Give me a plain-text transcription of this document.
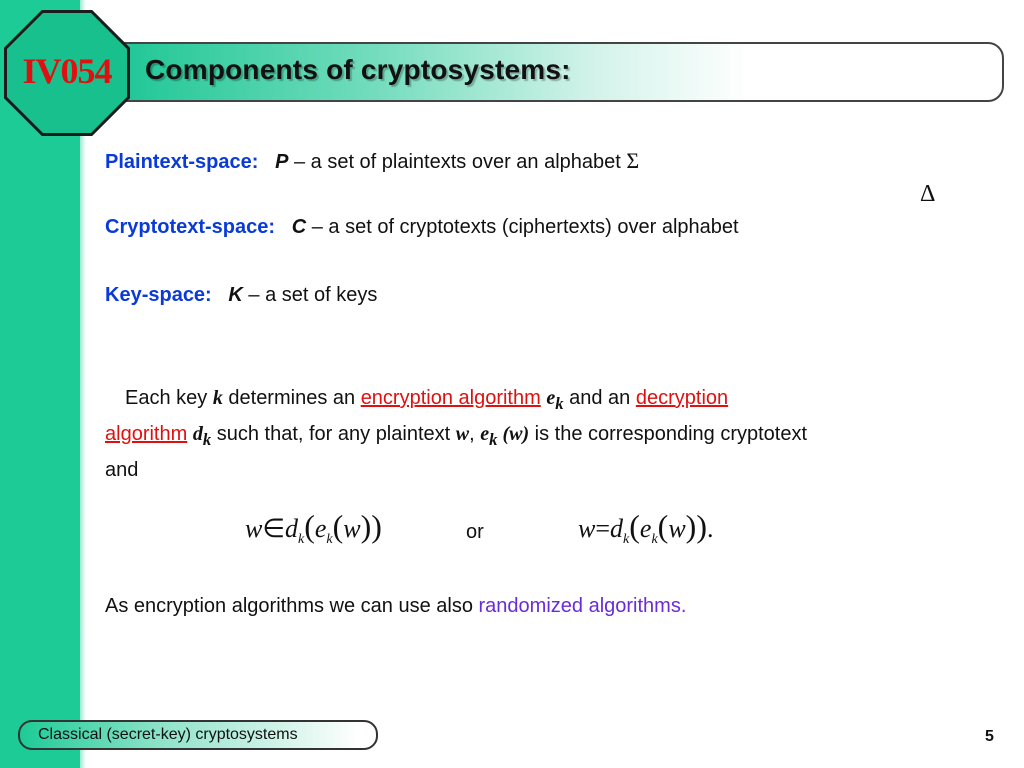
Components of cryptosystems:
IV054
Plaintext-space: P – a set of plaintexts over an alphabet Σ
Δ
Cryptotext-space: C – a set of cryptotexts (ciphertexts) over alphabet
Key-space: K – a set of keys
Each key k determines an encryption algorithm $e_k$ and an decryption
algorithm $d_k$ such that, for any plaintext w, $e_k$ (w) is the corresponding cryptotext
and
$w\in d_k(e_k(w))$	or	$w=d_k(e_k(w))$.
As encryption algorithms we can use also randomized algorithms.
Classical (secret-key) cryptosystems	5
